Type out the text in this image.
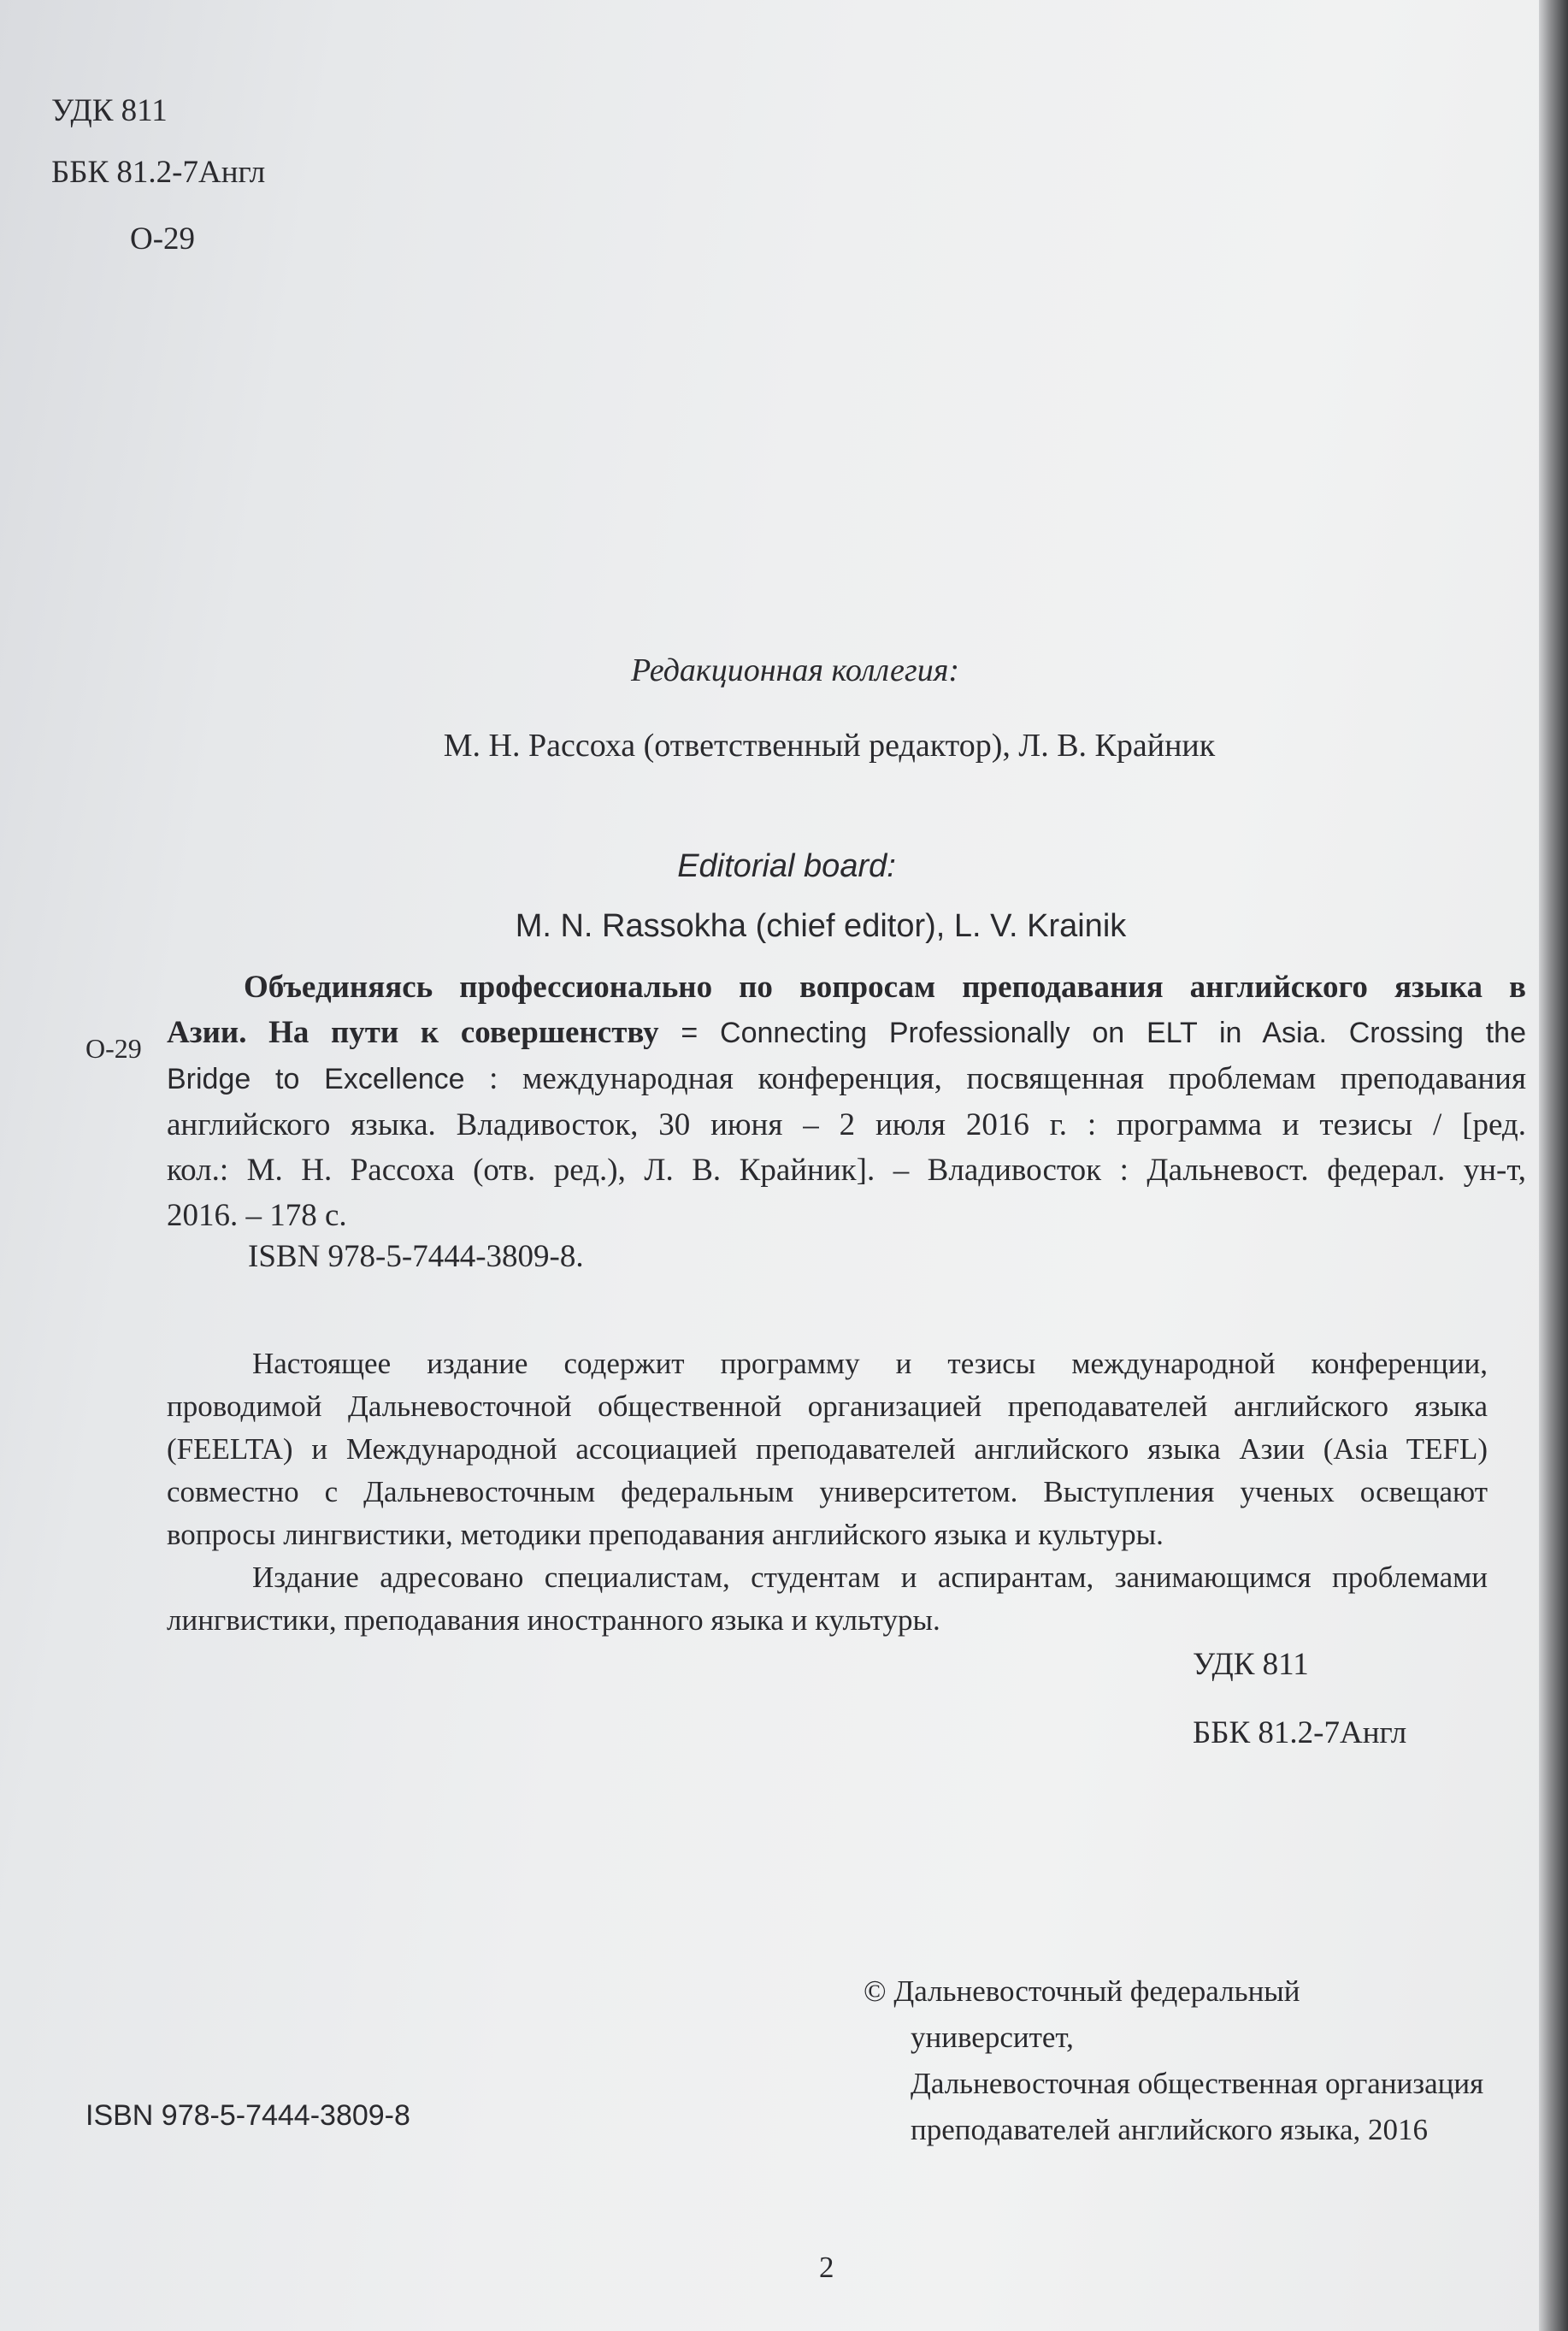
УДК 811
ББК 81.2-7Англ
О-29
Редакционная коллегия:
М. Н. Рассоха (ответственный редактор), Л. В. Крайник
Editorial board:
M. N. Rassokha (chief editor), L. V. Krainik
О-29
Объединяясь профессионально по вопросам преподавания английского языка в
Азии. На пути к совершенству = Connecting Professionally on ELT in Asia. Crossing the
Bridge to Excellence : международная конференция, посвященная проблемам преподавания
английского языка. Владивосток, 30 июня – 2 июля 2016 г. : программа и тезисы / [ред.
кол.: М. Н. Рассоха (отв. ред.), Л. В. Крайник]. – Владивосток : Дальневост. федерал. ун-т,
2016. – 178 с.
ISBN 978-5-7444-3809-8.
Настоящее издание содержит программу и тезисы международной конференции,
проводимой Дальневосточной общественной организацией преподавателей английского языка
(FEELTA) и Международной ассоциацией преподавателей английского языка Азии (Asia TEFL)
совместно с Дальневосточным федеральным университетом. Выступления ученых освещают
вопросы лингвистики, методики преподавания английского языка и культуры.
Издание адресовано специалистам, студентам и аспирантам, занимающимся проблемами
лингвистики, преподавания иностранного языка и культуры.
УДК 811
ББК 81.2-7Англ
© Дальневосточный федеральный
университет,
Дальневосточная общественная организация
преподавателей английского языка, 2016
ISBN 978-5-7444-3809-8
2
